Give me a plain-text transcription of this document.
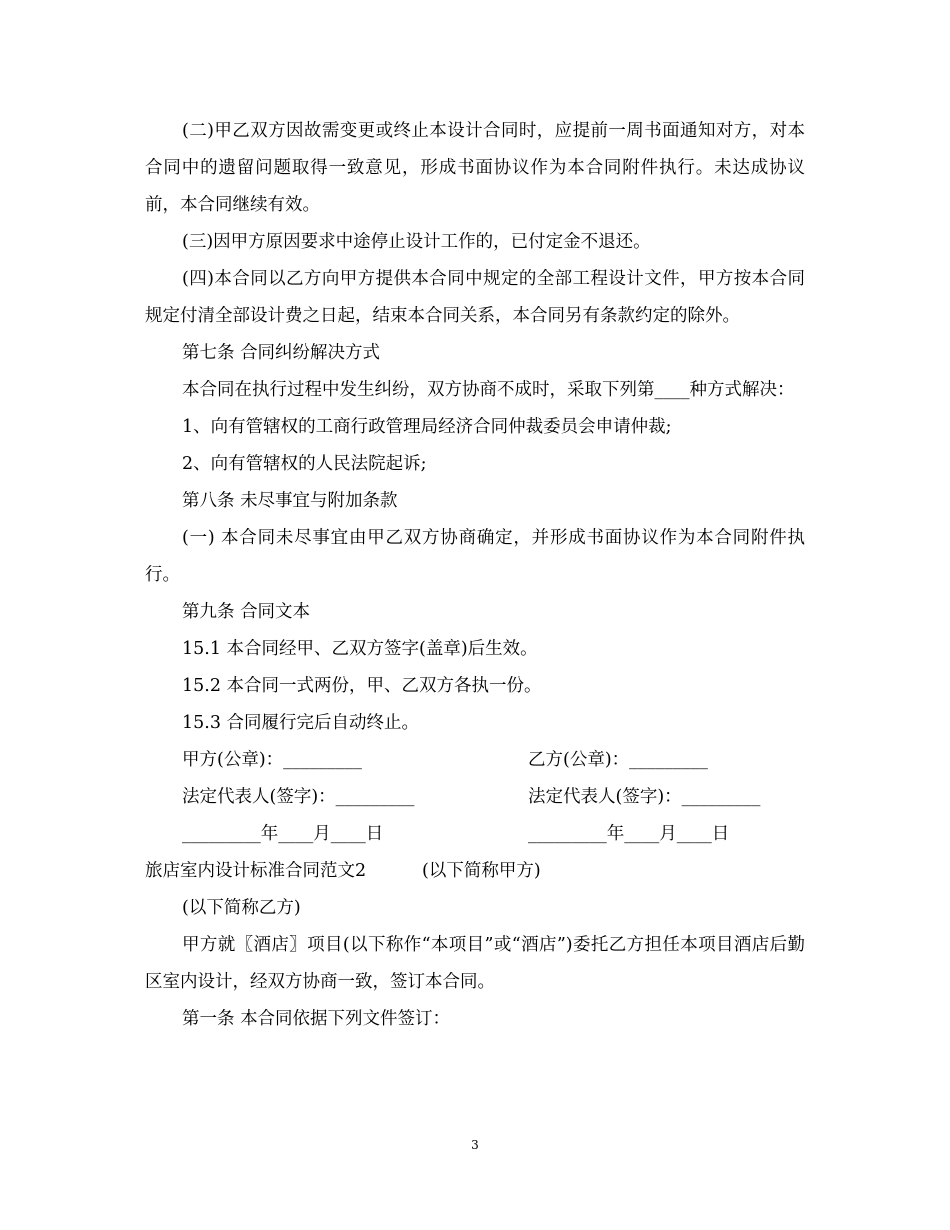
(二)甲乙双方因故需变更或终止本设计合同时，应提前一周书面通知对方，对本合同中的遗留问题取得一致意见，形成书面协议作为本合同附件执行。未达成协议前，本合同继续有效。

(三)因甲方原因要求中途停止设计工作的，已付定金不退还。

(四)本合同以乙方向甲方提供本合同中规定的全部工程设计文件，甲方按本合同规定付清全部设计费之日起，结束本合同关系，本合同另有条款约定的除外。

第七条 合同纠纷解决方式

本合同在执行过程中发生纠纷，双方协商不成时，采取下列第____种方式解决：

1、向有管辖权的工商行政管理局经济合同仲裁委员会申请仲裁;

2、向有管辖权的人民法院起诉;

第八条 未尽事宜与附加条款

(一) 本合同未尽事宜由甲乙双方协商确定，并形成书面协议作为本合同附件执行。

第九条 合同文本

15.1 本合同经甲、乙双方签字(盖章)后生效。

15.2 本合同一式两份，甲、乙双方各执一份。

15.3 合同履行完后自动终止。

甲方(公章)：_________	乙方(公章)：_________
法定代表人(签字)：_________	法定代表人(签字)：_________
_________年____月____日	_________年____月____日
旅店室内设计标准合同范文2	(以下简称甲方)

(以下简称乙方)

甲方就〖酒店〗项目(以下称作“本项目”或“酒店”)委托乙方担任本项目酒店后勤区室内设计，经双方协商一致，签订本合同。

第一条 本合同依据下列文件签订：

3
